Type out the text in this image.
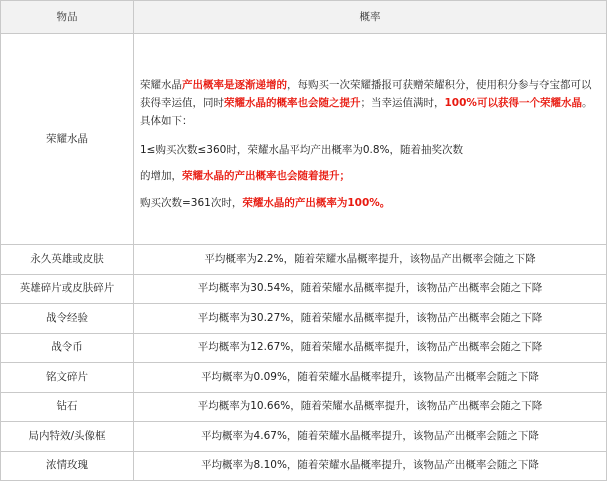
物品	概率
荣耀水晶	荣耀水晶产出概率是逐渐递增的，每购买一次荣耀播报可获赠荣耀积分，使用积分参与夺宝都可以获得幸运值，同时荣耀水晶的概率也会随之提升；当幸运值满时，100%可以获得一个荣耀水晶。具体如下：

1≤购买次数≤360时，荣耀水晶平均产出概率为0.8%，随着抽奖次数

的增加，荣耀水晶的产出概率也会随着提升；

购买次数=361次时，荣耀水晶的产出概率为100%。

永久英雄或皮肤	平均概率为2.2%，随着荣耀水晶概率提升，该物品产出概率会随之下降
英雄碎片或皮肤碎片	平均概率为30.54%，随着荣耀水晶概率提升，该物品产出概率会随之下降
战令经验	平均概率为30.27%，随着荣耀水晶概率提升，该物品产出概率会随之下降
战令币	平均概率为12.67%，随着荣耀水晶概率提升，该物品产出概率会随之下降
铭文碎片	平均概率为0.09%，随着荣耀水晶概率提升，该物品产出概率会随之下降
钻石	平均概率为10.66%，随着荣耀水晶概率提升，该物品产出概率会随之下降
局内特效/头像框	平均概率为4.67%，随着荣耀水晶概率提升，该物品产出概率会随之下降
浓情玫瑰	平均概率为8.10%，随着荣耀水晶概率提升，该物品产出概率会随之下降
